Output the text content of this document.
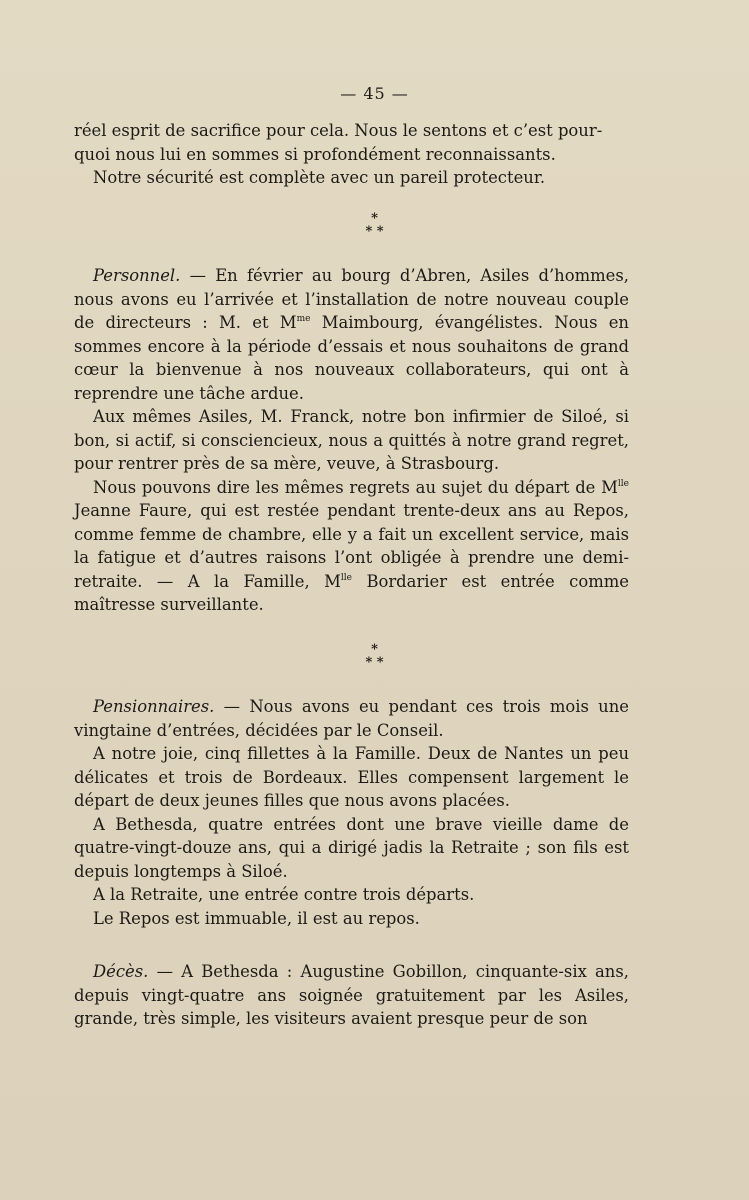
— 45 —

réel esprit de sacrifice pour cela. Nous le sentons et c’est pour-
quoi nous lui en sommes si profondément reconnaissants.

Notre sécurité est complète avec un pareil protecteur.

*
* *

Personnel. — En février au bourg d’Abren, Asiles d’hommes, nous avons eu l’arrivée et l’installation de notre nouveau couple de directeurs : M. et $M^{me}$ Maimbourg, évangélistes. Nous en sommes encore à la période d’essais et nous souhaitons de grand cœur la bienvenue à nos nouveaux collaborateurs, qui ont à reprendre une tâche ardue.

Aux mêmes Asiles, M. Franck, notre bon infirmier de Siloé, si bon, si actif, si consciencieux, nous a quittés à notre grand regret, pour rentrer près de sa mère, veuve, à Strasbourg.

Nous pouvons dire les mêmes regrets au sujet du départ de $M^{lle}$ Jeanne Faure, qui est restée pendant trente-deux ans au Repos, comme femme de chambre, elle y a fait un excellent service, mais la fatigue et d’autres raisons l’ont obligée à prendre une demi-retraite. — A la Famille, $M^{lle}$ Bordarier est entrée comme maîtresse surveillante.

*
* *

Pensionnaires. — Nous avons eu pendant ces trois mois une vingtaine d’entrées, décidées par le Conseil.

A notre joie, cinq fillettes à la Famille. Deux de Nantes un peu délicates et trois de Bordeaux. Elles compensent largement le départ de deux jeunes filles que nous avons placées.

A Bethesda, quatre entrées dont une brave vieille dame de quatre-vingt-douze ans, qui a dirigé jadis la Retraite ; son fils est depuis longtemps à Siloé.

A la Retraite, une entrée contre trois départs.

Le Repos est immuable, il est au repos.

Décès. — A Bethesda : Augustine Gobillon, cinquante-six ans, depuis vingt-quatre ans soignée gratuitement par les Asiles, grande, très simple, les visiteurs avaient presque peur de son
